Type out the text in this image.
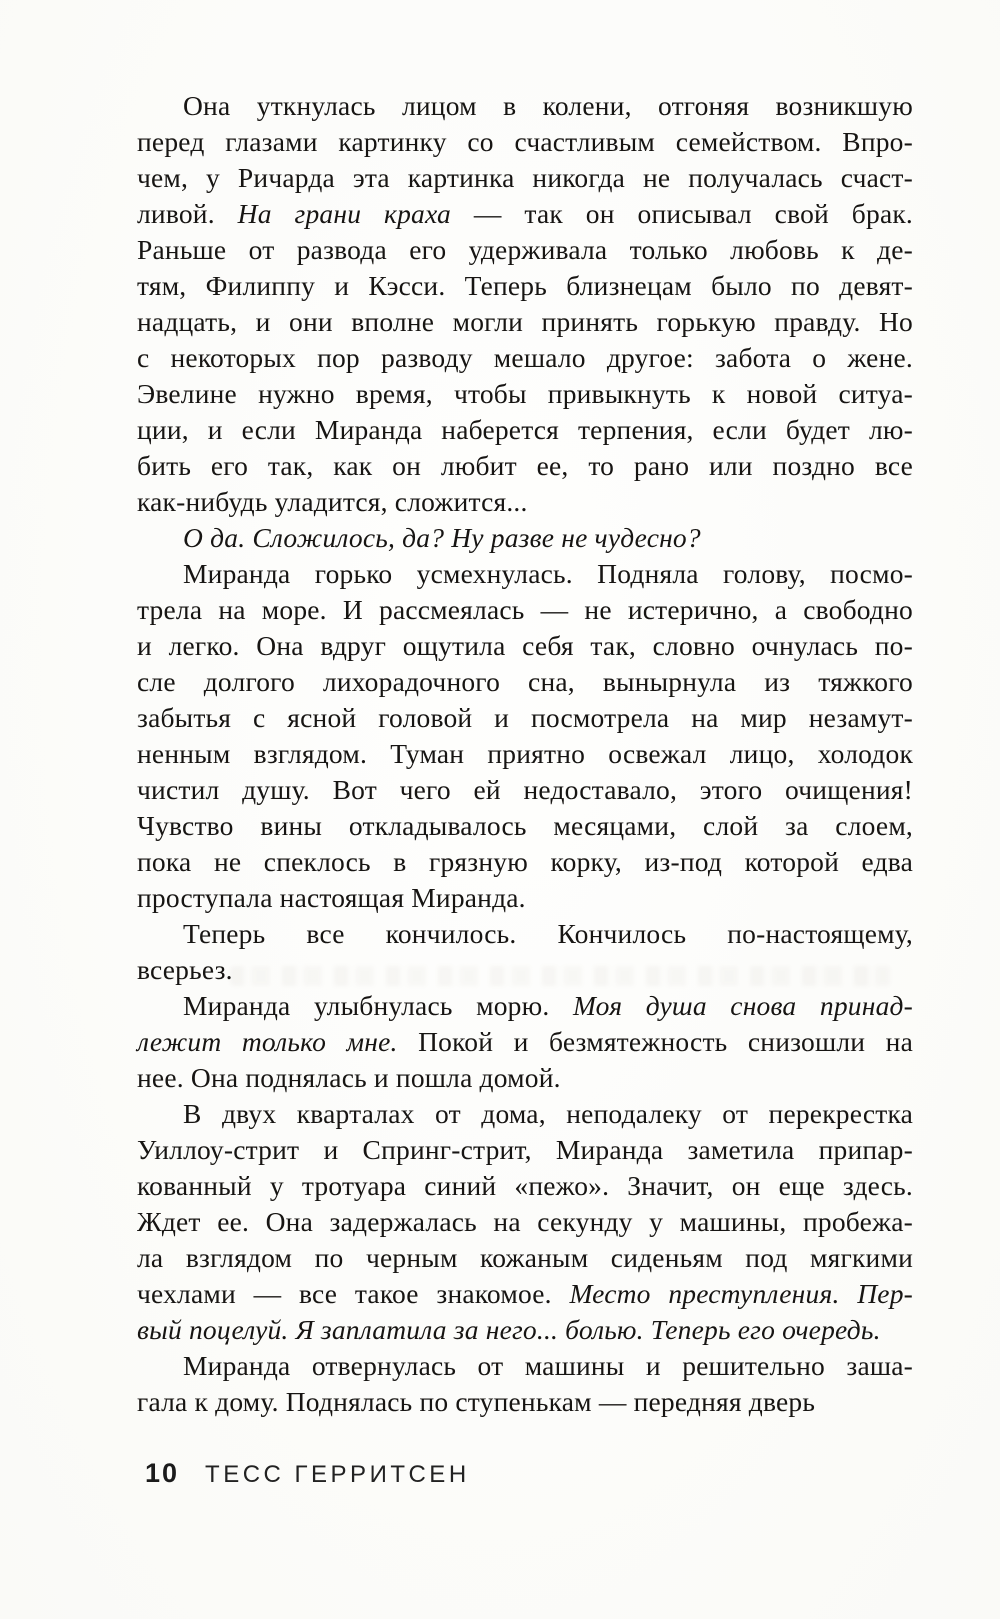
Она уткнулась лицом в колени, отгоняя возникшую
перед глазами картинку со счастливым семейством. Впро-
чем, у Ричарда эта картинка никогда не получалась счаст-
ливой. На грани краха — так он описывал свой брак.
Раньше от развода его удерживала только любовь к де-
тям, Филиппу и Кэсси. Теперь близнецам было по девят-
надцать, и они вполне могли принять горькую правду. Но
с некоторых пор разводу мешало другое: забота о жене.
Эвелине нужно время, чтобы привыкнуть к новой ситуа-
ции, и если Миранда наберется терпения, если будет лю-
бить его так, как он любит ее, то рано или поздно все
как-нибудь уладится, сложится...
О да. Сложилось, да? Ну разве не чудесно?
Миранда горько усмехнулась. Подняла голову, посмо-
трела на море. И рассмеялась — не истерично, а свободно
и легко. Она вдруг ощутила себя так, словно очнулась по-
сле долгого лихорадочного сна, вынырнула из тяжкого
забытья с ясной головой и посмотрела на мир незамут-
ненным взглядом. Туман приятно освежал лицо, холодок
чистил душу. Вот чего ей недоставало, этого очищения!
Чувство вины откладывалось месяцами, слой за слоем,
пока не спеклось в грязную корку, из-под которой едва
проступала настоящая Миранда.
Теперь все кончилось. Кончилось по-настоящему,
всерьез.
Миранда улыбнулась морю. Моя душа снова принад-
лежит только мне. Покой и безмятежность снизошли на
нее. Она поднялась и пошла домой.
В двух кварталах от дома, неподалеку от перекрестка
Уиллоу-стрит и Спринг-стрит, Миранда заметила припар-
кованный у тротуара синий «пежо». Значит, он еще здесь.
Ждет ее. Она задержалась на секунду у машины, пробежа-
ла взглядом по черным кожаным сиденьям под мягкими
чехлами — все такое знакомое. Место преступления. Пер-
вый поцелуй. Я заплатила за него... болью. Теперь его очередь.
Миранда отвернулась от машины и решительно заша-
гала к дому. Поднялась по ступенькам — передняя дверь
10 ТЕСС ГЕРРИТСЕН
